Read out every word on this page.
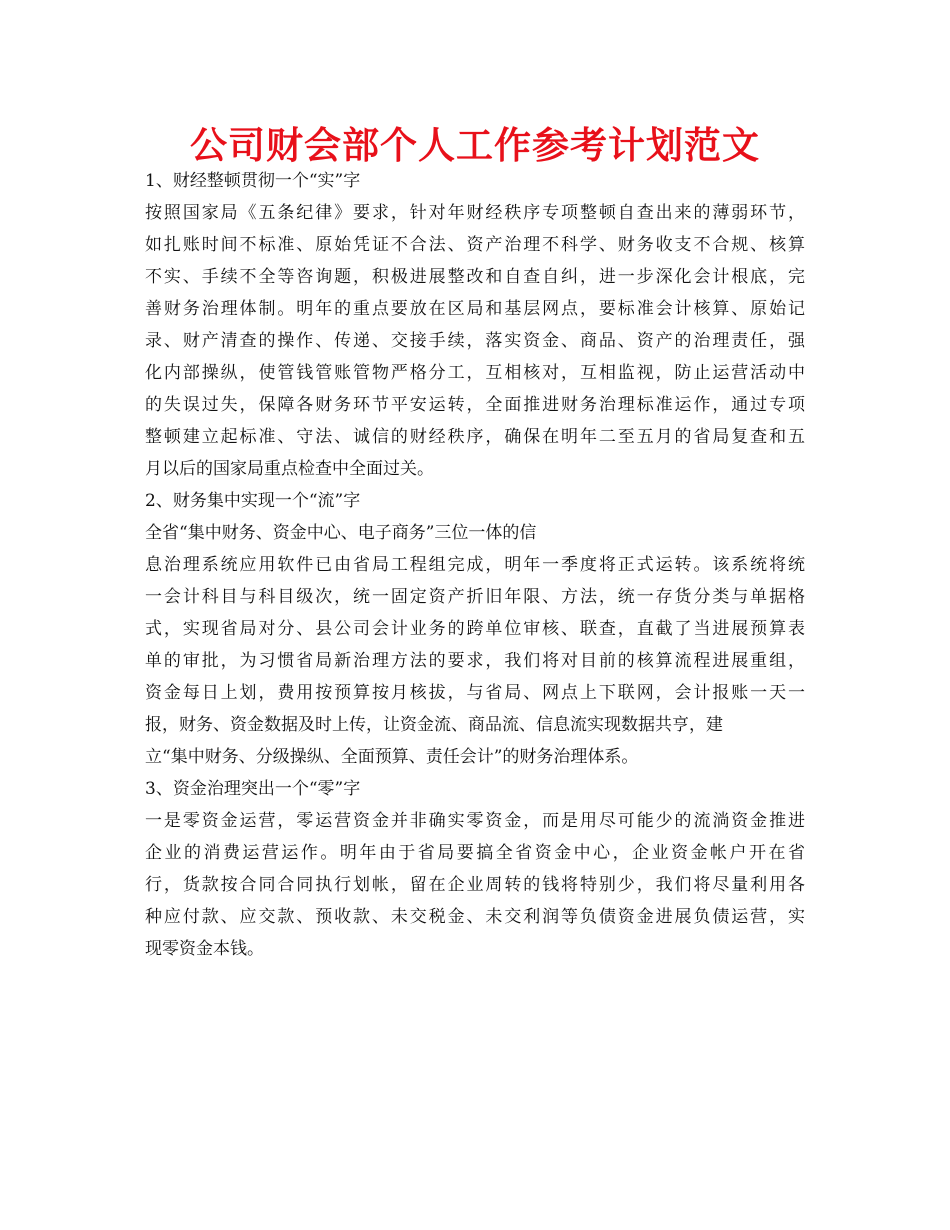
公司财会部个人工作参考计划范文
1、财经整顿贯彻一个“实”字
按照国家局《五条纪律》要求，针对年财经秩序专项整顿自查出来的薄弱环节，
如扎账时间不标准、原始凭证不合法、资产治理不科学、财务收支不合规、核算
不实、手续不全等咨询题，积极进展整改和自查自纠，进一步深化会计根底，完
善财务治理体制。明年的重点要放在区局和基层网点，要标准会计核算、原始记
录、财产清查的操作、传递、交接手续，落实资金、商品、资产的治理责任，强
化内部操纵，使管钱管账管物严格分工，互相核对，互相监视，防止运营活动中
的失误过失，保障各财务环节平安运转，全面推进财务治理标准运作，通过专项
整顿建立起标准、守法、诚信的财经秩序，确保在明年二至五月的省局复查和五
月以后的国家局重点检查中全面过关。
2、财务集中实现一个“流”字
全省“集中财务、资金中心、电子商务”三位一体的信
息治理系统应用软件已由省局工程组完成，明年一季度将正式运转。该系统将统
一会计科目与科目级次，统一固定资产折旧年限、方法，统一存货分类与单据格
式，实现省局对分、县公司会计业务的跨单位审核、联查，直截了当进展预算表
单的审批，为习惯省局新治理方法的要求，我们将对目前的核算流程进展重组，
资金每日上划，费用按预算按月核拔，与省局、网点上下联网，会计报账一天一
报，财务、资金数据及时上传，让资金流、商品流、信息流实现数据共亨，建
立“集中财务、分级操纵、全面预算、责任会计”的财务治理体系。
3、资金治理突出一个“零”字
一是零资金运营，零运营资金并非确实零资金，而是用尽可能少的流淌资金推进
企业的消费运营运作。明年由于省局要搞全省资金中心，企业资金帐户开在省
行，货款按合同合同执行划帐，留在企业周转的钱将特别少，我们将尽量利用各
种应付款、应交款、预收款、未交税金、未交利润等负债资金进展负债运营，实
现零资金本钱。
